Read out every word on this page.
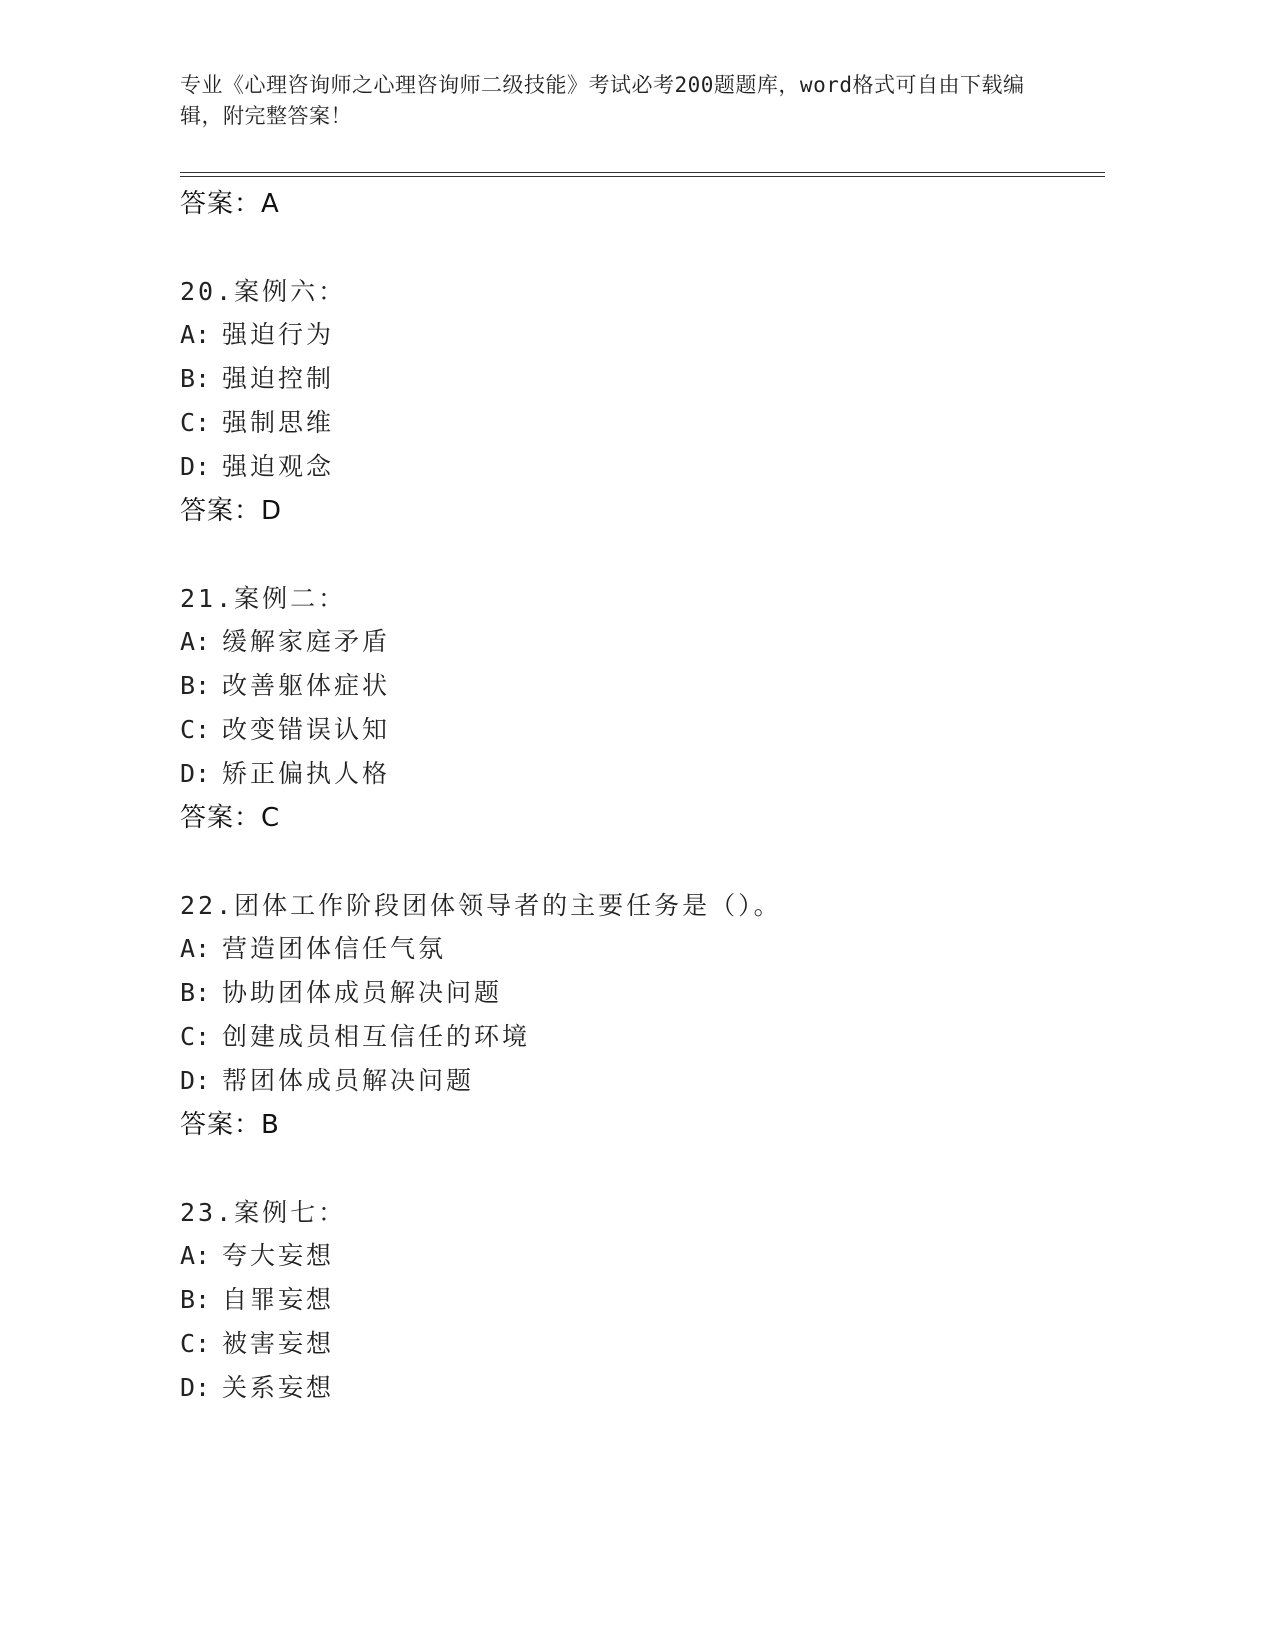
专业《心理咨询师之心理咨询师二级技能》考试必考200题题库，word格式可自由下载编辑，附完整答案！
答案：A
20.案例六：
A: 强迫行为
B: 强迫控制
C: 强制思维
D: 强迫观念
答案：D
21.案例二：
A: 缓解家庭矛盾
B: 改善躯体症状
C: 改变错误认知
D: 矫正偏执人格
答案：C
22.团体工作阶段团体领导者的主要任务是（）。
A: 营造团体信任气氛
B: 协助团体成员解决问题
C: 创建成员相互信任的环境
D: 帮团体成员解决问题
答案：B
23.案例七：
A: 夸大妄想
B: 自罪妄想
C: 被害妄想
D: 关系妄想
